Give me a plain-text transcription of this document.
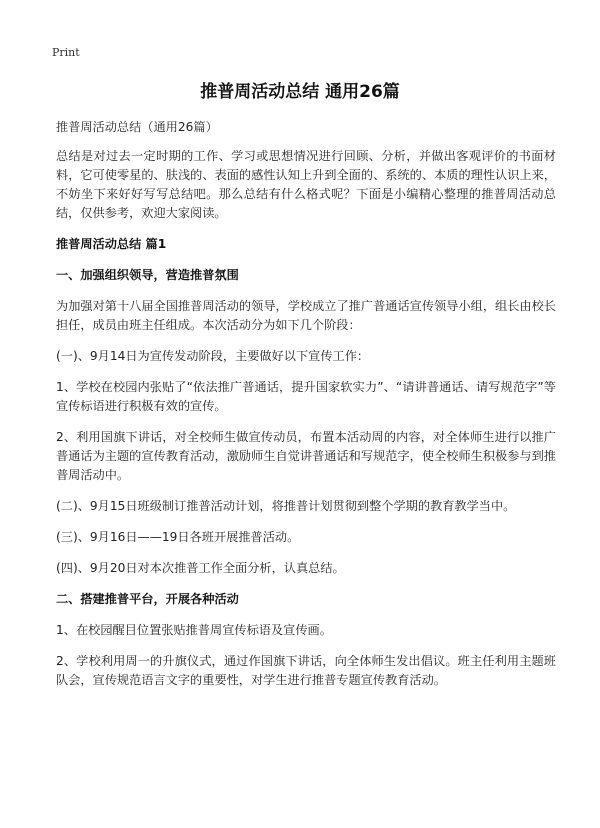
Print
推普周活动总结 通用26篇

推普周活动总结（通用26篇）

总结是对过去一定时期的工作、学习或思想情况进行回顾、分析，并做出客观评价的书面材料，它可使零星的、肤浅的、表面的感性认知上升到全面的、系统的、本质的理性认识上来，不妨坐下来好好写写总结吧。那么总结有什么格式呢？下面是小编精心整理的推普周活动总结，仅供参考，欢迎大家阅读。

推普周活动总结 篇1

一、加强组织领导，营造推普氛围

为加强对第十八届全国推普周活动的领导，学校成立了推广普通话宣传领导小组，组长由校长担任，成员由班主任组成。本次活动分为如下几个阶段：

(一)、9月14日为宣传发动阶段，主要做好以下宣传工作：

1、学校在校园内张贴了“依法推广普通话，提升国家软实力”、“请讲普通话、请写规范字”等宣传标语进行积极有效的宣传。

2、利用国旗下讲话，对全校师生做宣传动员，布置本活动周的内容，对全体师生进行以推广普通话为主题的宣传教育活动，激励师生自觉讲普通话和写规范字，使全校师生积极参与到推普周活动中。

(二)、9月15日班级制订推普活动计划，将推普计划贯彻到整个学期的教育教学当中。

(三)、9月16日——19日各班开展推普活动。

(四)、9月20日对本次推普工作全面分析，认真总结。

二、搭建推普平台，开展各种活动

1、在校园醒目位置张贴推普周宣传标语及宣传画。

2、学校利用周一的升旗仪式，通过作国旗下讲话，向全体师生发出倡议。班主任利用主题班队会，宣传规范语言文字的重要性，对学生进行推普专题宣传教育活动。
